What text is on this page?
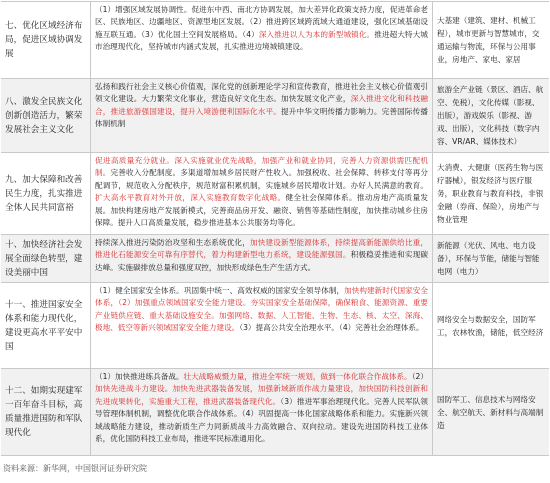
七、优化区域经济布局，促进区域协调发展
（1）增强区域发展协调性。促进东中西、南北方协调发展，加大差异化政策支持力度，促进革命老区、民族地区、边疆地区、资源型地区发展。（2）推进跨区域跨流域大通道建设，强化区域基础设施互联互通。（3）优化国土空间发展格局。（4）深入推进以人为本的新型城镇化。推进超大特大城市治理现代化，坚持城市内涵式发展，扎实推进边境城镇建设。
大基建（建筑、建材、机械工程），城市更新与智慧城市，交通运输与物流，环保与公用事业，房地产、家电、家居
八、激发全民族文化创新创造活力，繁荣发展社会主义文化
弘扬和践行社会主义核心价值观，深化党的创新理论学习和宣传教育，推进社会主义核心价值观引领文化建设。大力繁荣文化事业，营造良好文化生态。加快发展文化产业，深入推进文化和科技融合，推进旅游强国建设，提升入境游便利国际化水平。提升中华文明传播力影响力。完善国际传播体制机制
旅游全产业链（景区、酒店、航空、免税），文化传媒（影视、出版），游戏娱乐（影视、游戏、出版），文化科技（数字内容、VR/AR、媒体技术）
九、加大保障和改善民生力度，扎实推进全体人民共同富裕
促进高质量充分就业。深入实施就业优先战略，加强产业和就业协同，完善人力资源供需匹配机制。完善收入分配制度。多渠道增加城乡居民财产性收入。加强税收、社会保障、转移支付等再分配调节，规范收入分配秩序，规范财富积累机制，实施城乡居民增收计划。办好人民满意的教育。扩大高水平教育对外开放，深入实施教育数字化战略。健全社会保障体系。推动房地产高质量发展。加快构建房地产发展新模式，完善商品房开发、融资、销售等基础性制度，加快推动城乡住房保障。提升人口高质量发展，稳步推进基本公共服务均等化。
大消费、大健康（医药生物与医疗器械），银发经济与医疗服务，职业教育与教育科技，非银金融（券商、保险），房地产与物业管理
十、加快经济社会发展全面绿色转型，建设美丽中国
持续深入推进污染防治攻坚和生态系统优化，加快建设新型能源体系，持续提高新能源供给比重，推进化石能源安全可靠有序替代，着力构建新型电力系统，建设能源强国。积极稳妥推进和实现碳达峰。实施碳排放总量和强度双控，加快形成绿色生产生活方式。
新能源（光伏、风电、电力设备），环保与节能，储能与智能电网（电力）
十一、推进国家安全体系和能力现代化，建设更高水平平安中国
（1）健全国家安全体系。巩固集中统一、高效权威的国家安全领导体制，加快构建新时代国家安全体系，（2）加强重点领域国家安全能力建设。夯实国家安全基础保障，确保粮食、能源资源、重要产业链供应链、重大基础设施安全。加强网络、数据、人工智能、生物、生态、核、太空、深海、极地、低空等新兴领域国家安全能力建设。（3）提高公共安全治理水平。（4）完善社会治理体系。
网络安全与数据安全，国防军工，农林牧渔，储能，低空经济
十二、如期实现建军一百年奋斗目标，高质量推进国防和军队现代化
（1）加快推进练兵备战。壮大战略威慑力量，推进全军统一规划，做到一体化联合作战体系。（2）加快先进战斗力建设。加快先进武器装备发展，加强新域新质作战力量建设，加快国防科技创新和先进成果转化，实施重大工程，推进武器装备现代化。（3）推进军事治理现代化。完善人民军队领导管理体制机制，调整优化联合作战体系。（4）巩固提高一体化国家战略体系和能力。实施新兴领域战略能力建设，推动新质生产力同新质战斗力高效融合、双向拉动。建设先进国防科技工业体系，优化国防科技工业布局，推进军民标准通用化。
国防军工、信息技术与网络安全、航空航天、新材料与高端制造
资料来源：新华网，中国银河证券研究院
